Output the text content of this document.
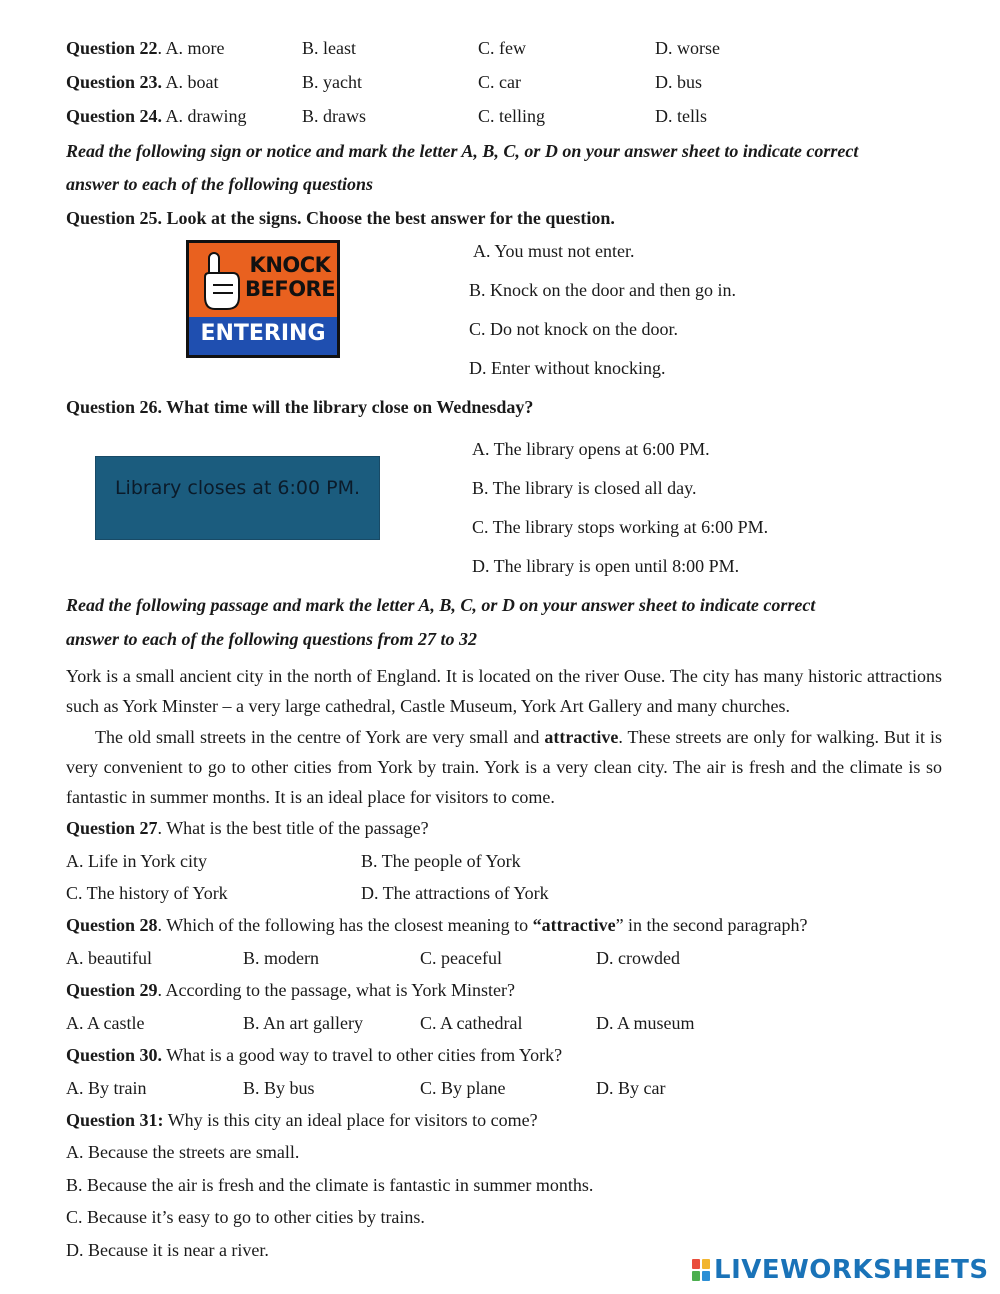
Question 22. A. more	B. least	C. few	D. worse
Question 23. A. boat	B. yacht	C. car	D. bus
Question 24. A. drawing	B. draws	C. telling	D. tells
Read the following sign or notice and mark the letter A, B, C, or D on your answer sheet to indicate correct
answer to each of the following questions
Question 25. Look at the signs. Choose the best answer for the question.
KNOCK
BEFORE
ENTERING
A. You must not enter.
B. Knock on the door and then go in.
C. Do not knock on the door.
D. Enter without knocking.
Question 26. What time will the library close on Wednesday?
Library closes at 6:00 PM.
A. The library opens at 6:00 PM.
B. The library is closed all day.
C. The library stops working at 6:00 PM.
D. The library is open until 8:00 PM.
Read the following passage and mark the letter A, B, C, or D on your answer sheet to indicate correct
answer to each of the following questions from 27 to 32
York is a small ancient city in the north of England. It is located on the river Ouse. The city has many historic attractions such as York Minster – a very large cathedral, Castle Museum, York Art Gallery and many churches.
The old small streets in the centre of York are very small and attractive. These streets are only for walking. But it is very convenient to go to other cities from York by train. York is a very clean city. The air is fresh and the climate is so fantastic in summer months. It is an ideal place for visitors to come.
Question 27. What is the best title of the passage?
A. Life in York city	B. The people of York
C. The history of York	D. The attractions of York
Question 28. Which of the following has the closest meaning to “attractive” in the second paragraph?
A. beautiful	B. modern	C. peaceful	D. crowded
Question 29. According to the passage, what is York Minster?
A. A castle	B. An art gallery	C. A cathedral	D. A museum
Question 30. What is a good way to travel to other cities from York?
A. By train	B. By bus	C. By plane	D. By car
Question 31: Why is this city an ideal place for visitors to come?
A. Because the streets are small.
B. Because the air is fresh and the climate is fantastic in summer months.
C. Because it’s easy to go to other cities by trains.
D. Because it is near a river.
LIVEWORKSHEETS
